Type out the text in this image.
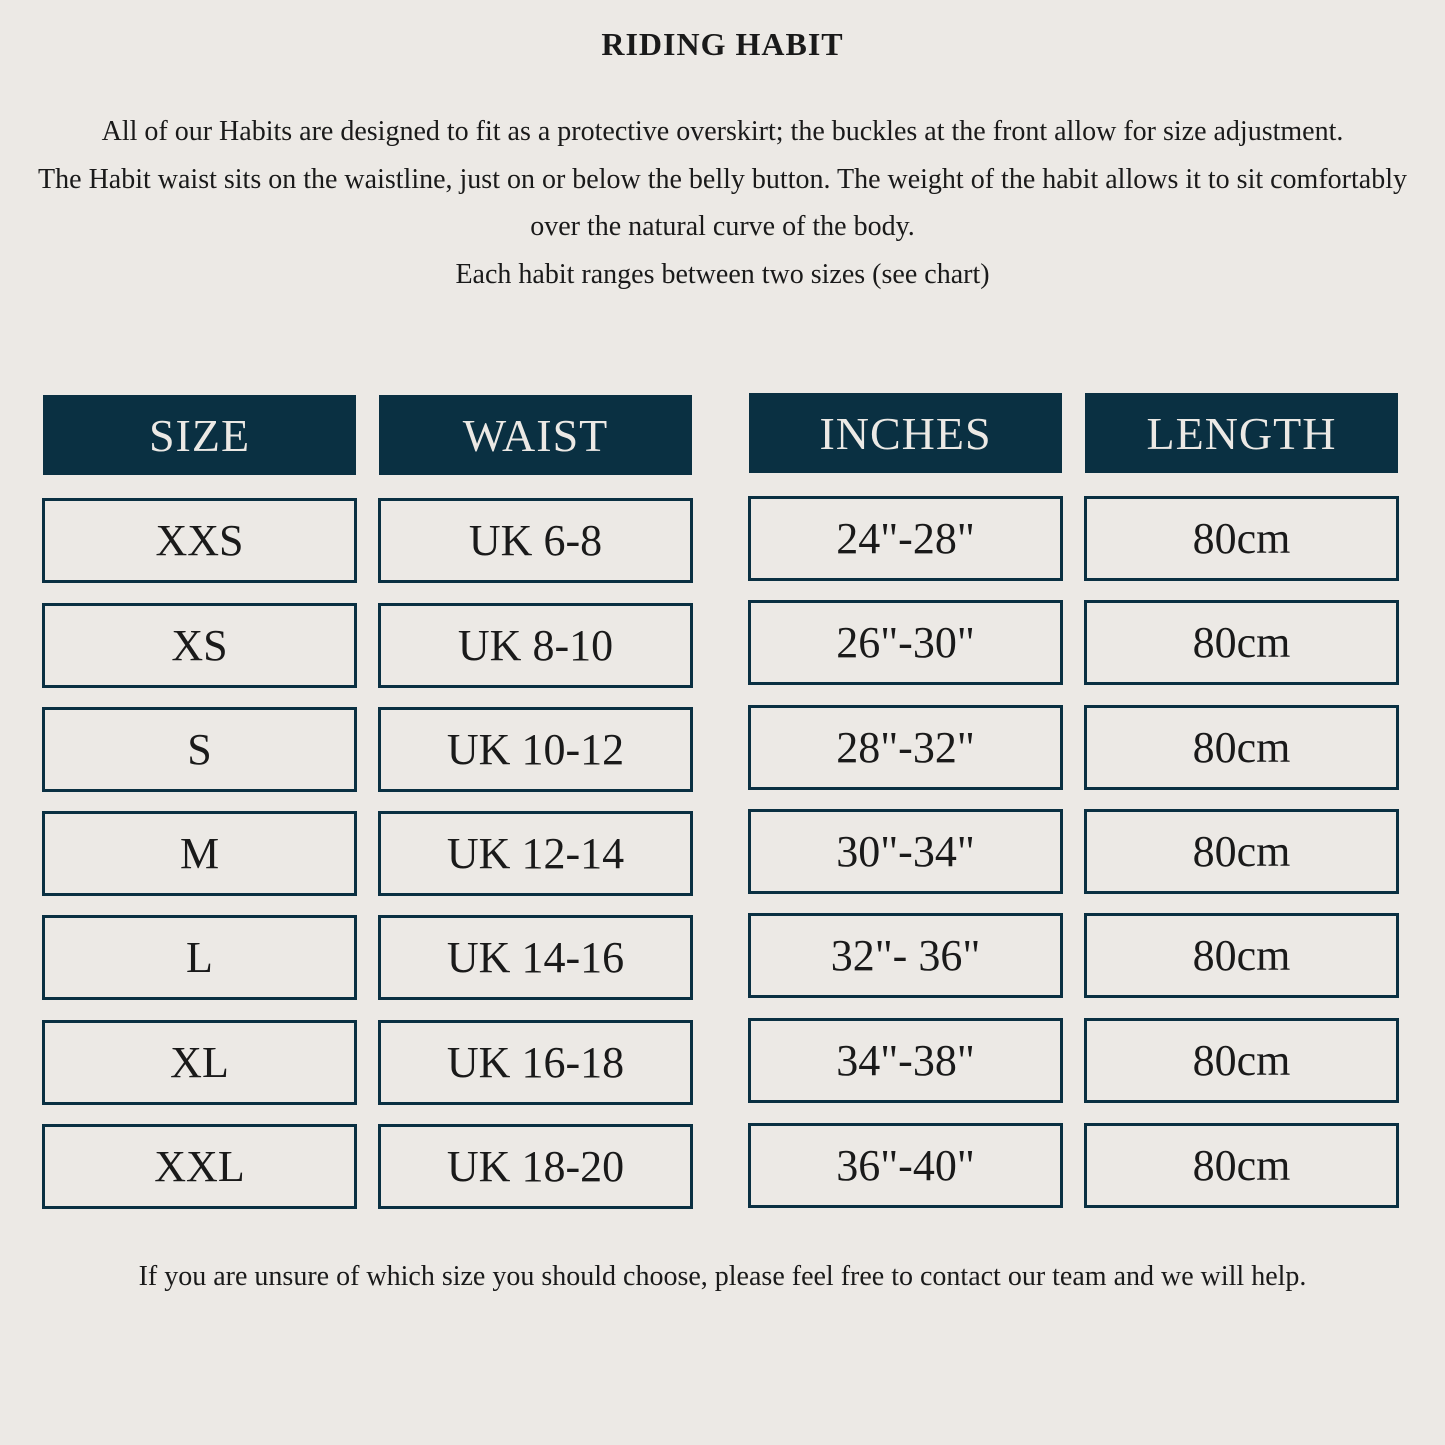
RIDING HABIT

All of our Habits are designed to fit as a protective overskirt; the buckles at the front allow for size adjustment.

The Habit waist sits on the waistline, just on or below the belly button. The weight of the habit allows it to sit comfortably over the natural curve of the body.

Each habit ranges between two sizes (see chart)

SIZE
XXS
XS
S
M
L
XL
XXL
WAIST
UK 6-8
UK 8-10
UK 10-12
UK 12-14
UK 14-16
UK 16-18
UK 18-20
INCHES
24"-28"
26"-30"
28"-32"
30"-34"
32"- 36"
34"-38"
36"-40"
LENGTH
80cm
80cm
80cm
80cm
80cm
80cm
80cm
If you are unsure of which size you should choose, please feel free to contact our team and we will help.
